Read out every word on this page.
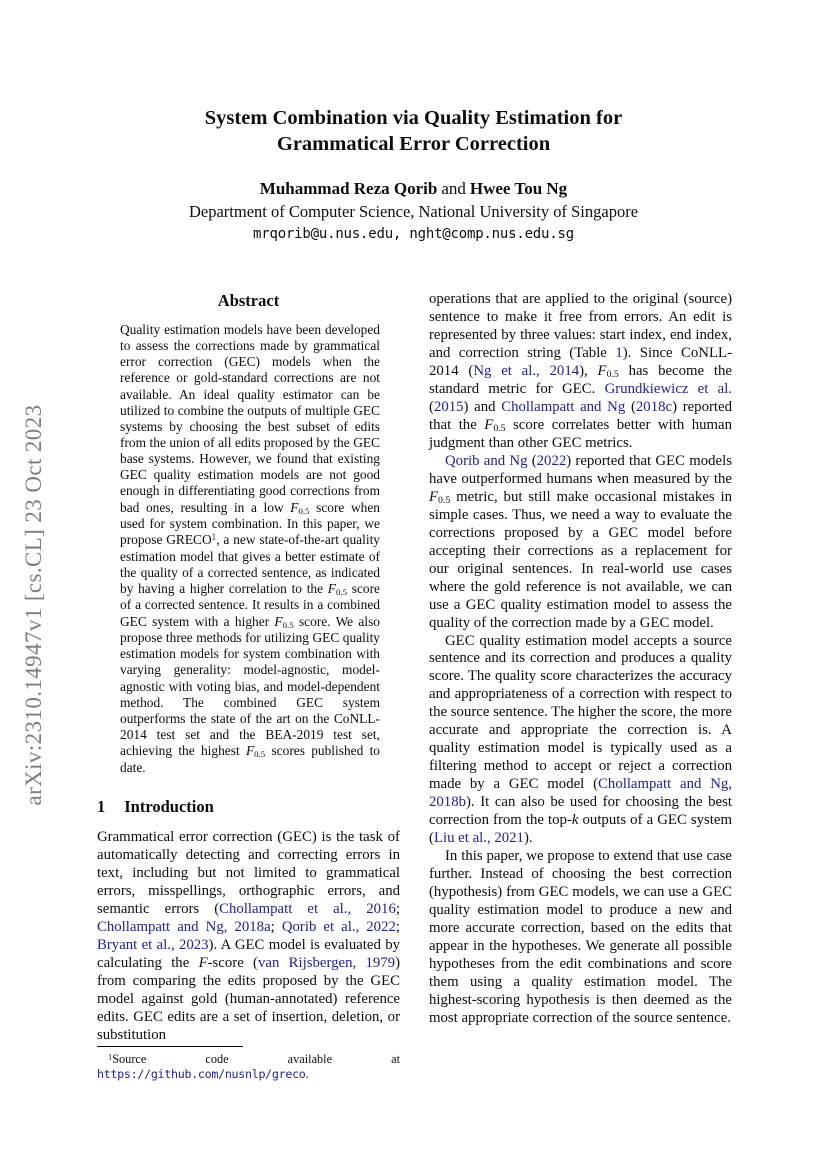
arXiv:2310.14947v1 [cs.CL] 23 Oct 2023
System Combination via Quality Estimation for
Grammatical Error Correction
Muhammad Reza Qorib and Hwee Tou Ng
Department of Computer Science, National University of Singapore
mrqorib@u.nus.edu, nght@comp.nus.edu.sg
Abstract

Quality estimation models have been developed to assess the corrections made by grammatical error correction (GEC) models when the reference or gold-standard corrections are not available. An ideal quality estimator can be utilized to combine the outputs of multiple GEC systems by choosing the best subset of edits from the union of all edits proposed by the GEC base systems. However, we found that existing GEC quality estimation models are not good enough in differentiating good corrections from bad ones, resulting in a low F0.5 score when used for system combination. In this paper, we propose GRECO$^1$, a new state-of-the-art quality estimation model that gives a better estimate of the quality of a corrected sentence, as indicated by having a higher correlation to the F0.5 score of a corrected sentence. It results in a combined GEC system with a higher F0.5 score. We also propose three methods for utilizing GEC quality estimation models for system combination with varying generality: model-agnostic, model-agnostic with voting bias, and model-dependent method. The combined GEC system outperforms the state of the art on the CoNLL-2014 test set and the BEA-2019 test set, achieving the highest F0.5 scores published to date.

1 Introduction

Grammatical error correction (GEC) is the task of automatically detecting and correcting errors in text, including but not limited to grammatical errors, misspellings, orthographic errors, and semantic errors (Chollampatt et al., 2016; Chollampatt and Ng, 2018a; Qorib et al., 2022; Bryant et al., 2023). A GEC model is evaluated by calculating the F-score (van Rijsbergen, 1979) from comparing the edits proposed by the GEC model against gold (human-annotated) reference edits. GEC edits are a set of insertion, deletion, or substitution

$^1$Source code available at https://github.com/nusnlp/greco.

operations that are applied to the original (source) sentence to make it free from errors. An edit is represented by three values: start index, end index, and correction string (Table 1). Since CoNLL-2014 (Ng et al., 2014), F0.5 has become the standard metric for GEC. Grundkiewicz et al. (2015) and Chollampatt and Ng (2018c) reported that the F0.5 score correlates better with human judgment than other GEC metrics.

Qorib and Ng (2022) reported that GEC models have outperformed humans when measured by the F0.5 metric, but still make occasional mistakes in simple cases. Thus, we need a way to evaluate the corrections proposed by a GEC model before accepting their corrections as a replacement for our original sentences. In real-world use cases where the gold reference is not available, we can use a GEC quality estimation model to assess the quality of the correction made by a GEC model.

GEC quality estimation model accepts a source sentence and its correction and produces a quality score. The quality score characterizes the accuracy and appropriateness of a correction with respect to the source sentence. The higher the score, the more accurate and appropriate the correction is. A quality estimation model is typically used as a filtering method to accept or reject a correction made by a GEC model (Chollampatt and Ng, 2018b). It can also be used for choosing the best correction from the top-k outputs of a GEC system (Liu et al., 2021).

In this paper, we propose to extend that use case further. Instead of choosing the best correction (hypothesis) from GEC models, we can use a GEC quality estimation model to produce a new and more accurate correction, based on the edits that appear in the hypotheses. We generate all possible hypotheses from the edit combinations and score them using a quality estimation model. The highest-scoring hypothesis is then deemed as the most appropriate correction of the source sentence.
